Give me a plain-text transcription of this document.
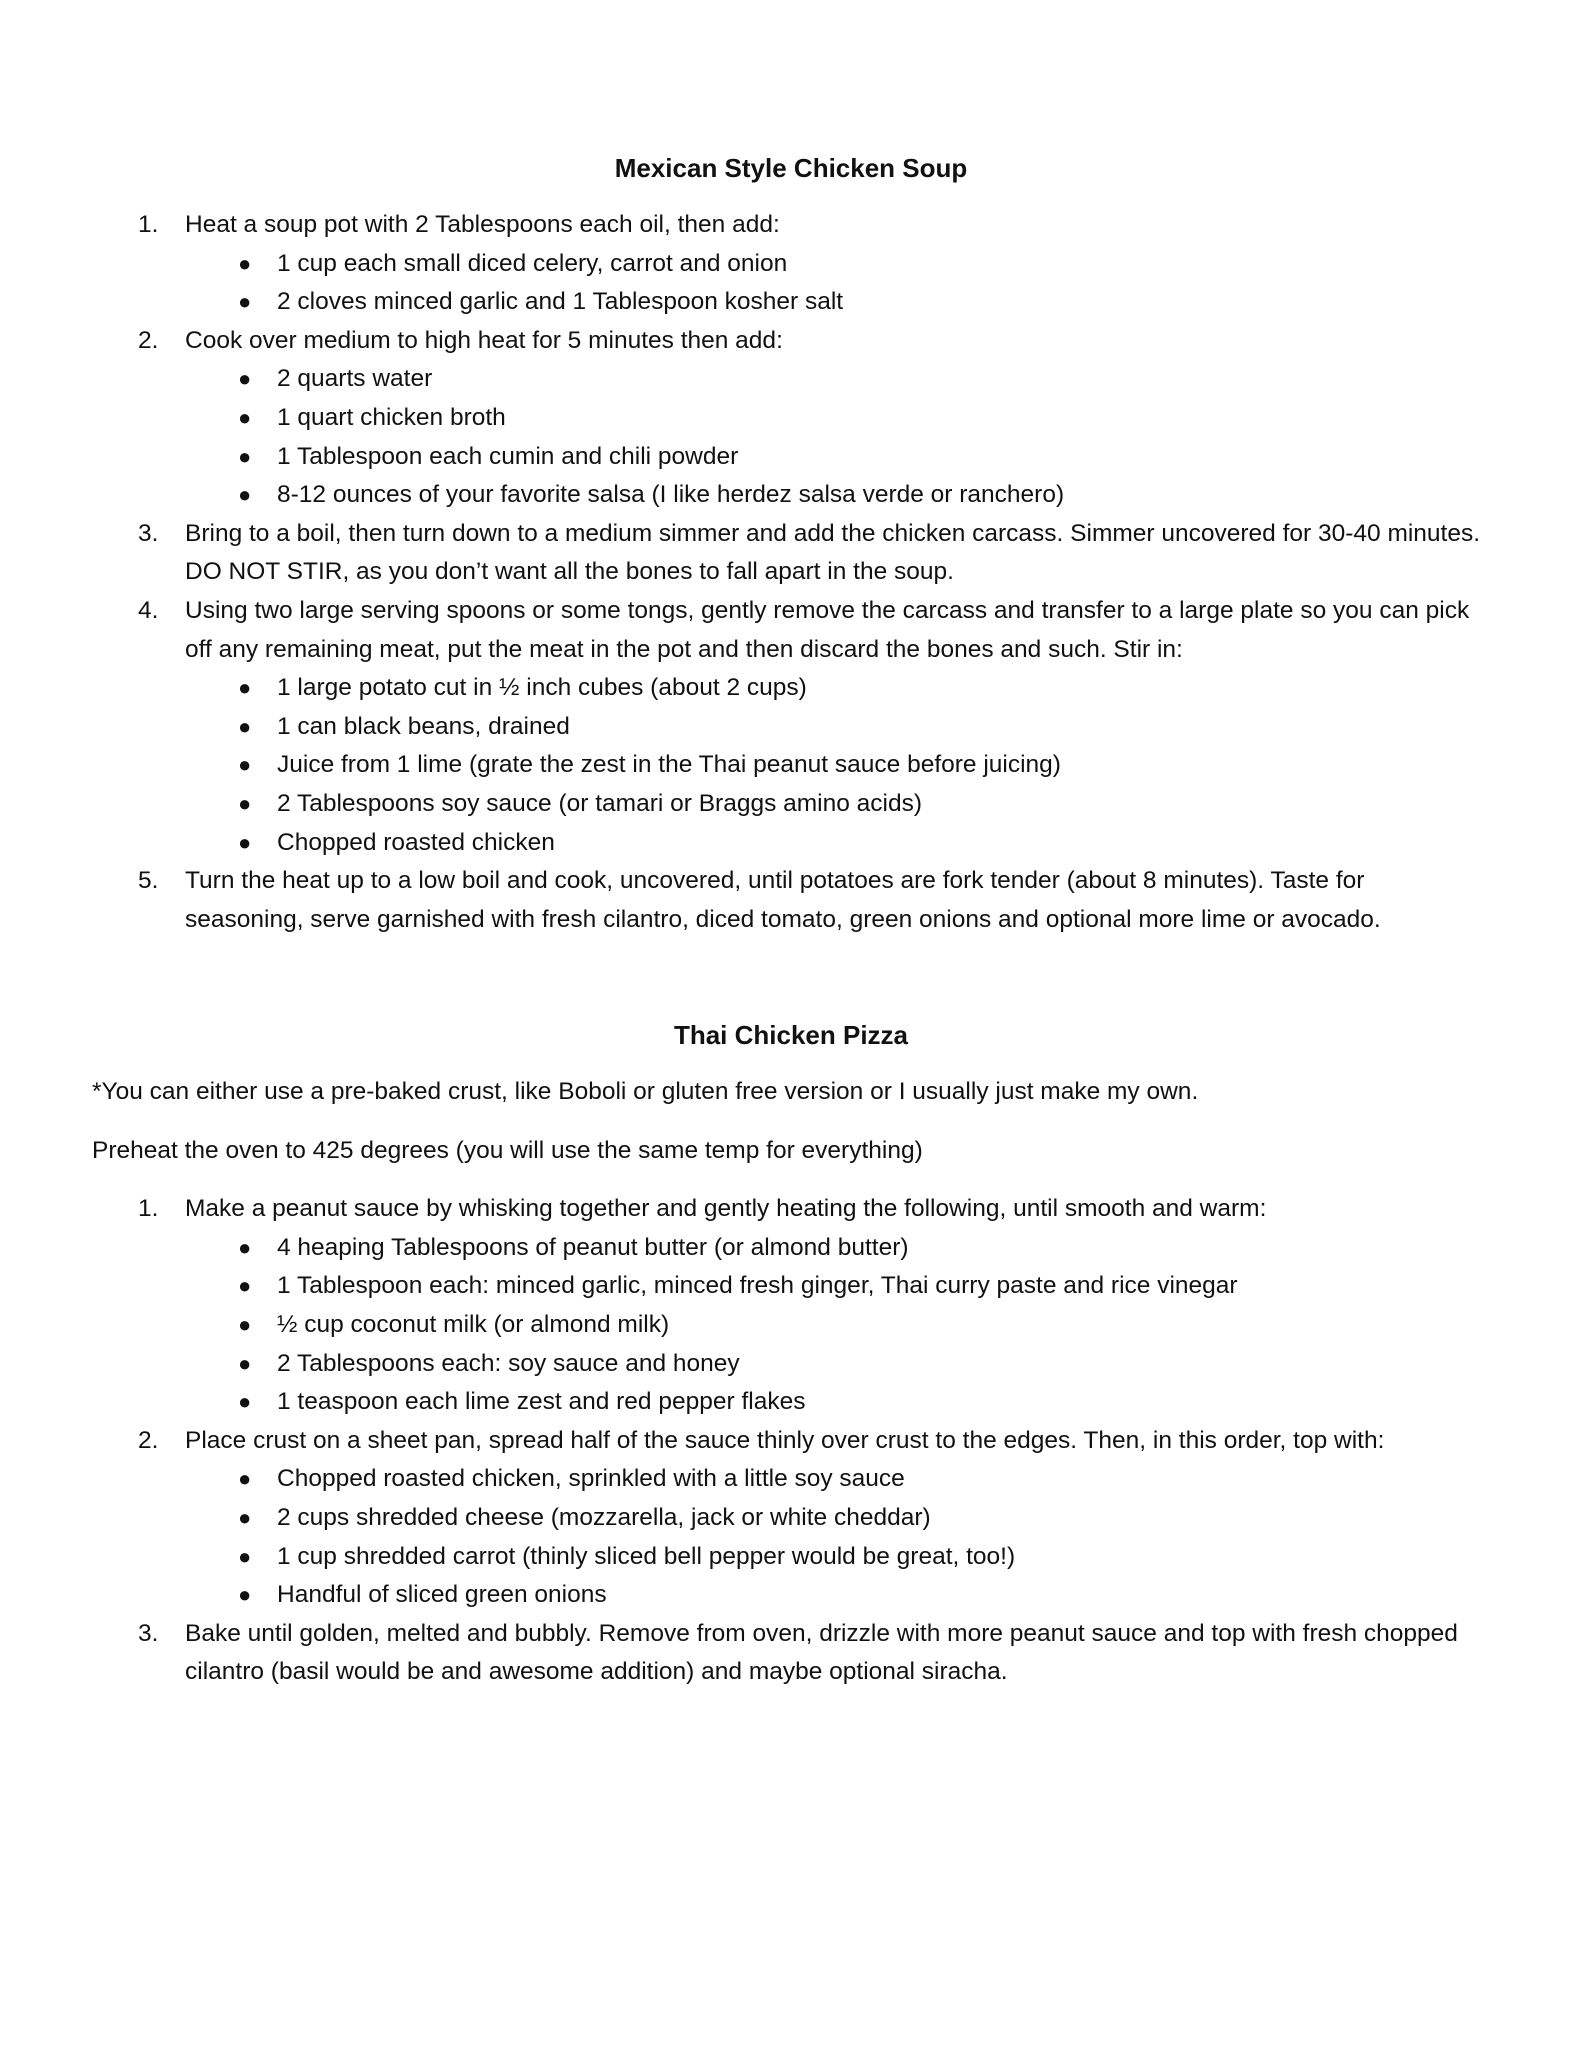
Mexican Style Chicken Soup
1. Heat a soup pot with 2 Tablespoons each oil, then add:
● 1 cup each small diced celery, carrot and onion
● 2 cloves minced garlic and 1 Tablespoon kosher salt
2. Cook over medium to high heat for 5 minutes then add:
● 2 quarts water
● 1 quart chicken broth
● 1 Tablespoon each cumin and chili powder
● 8-12 ounces of your favorite salsa (I like herdez salsa verde or ranchero)
3. Bring to a boil, then turn down to a medium simmer and add the chicken carcass. Simmer uncovered for 30-40 minutes. DO NOT STIR, as you don’t want all the bones to fall apart in the soup.
4. Using two large serving spoons or some tongs, gently remove the carcass and transfer to a large plate so you can pick off any remaining meat, put the meat in the pot and then discard the bones and such. Stir in:
● 1 large potato cut in ½ inch cubes (about 2 cups)
● 1 can black beans, drained
● Juice from 1 lime (grate the zest in the Thai peanut sauce before juicing)
● 2 Tablespoons soy sauce (or tamari or Braggs amino acids)
● Chopped roasted chicken
5. Turn the heat up to a low boil and cook, uncovered, until potatoes are fork tender (about 8 minutes). Taste for seasoning, serve garnished with fresh cilantro, diced tomato, green onions and optional more lime or avocado.
Thai Chicken Pizza

*You can either use a pre-baked crust, like Boboli or gluten free version or I usually just make my own.

Preheat the oven to 425 degrees (you will use the same temp for everything)

1. Make a peanut sauce by whisking together and gently heating the following, until smooth and warm:
● 4 heaping Tablespoons of peanut butter (or almond butter)
● 1 Tablespoon each: minced garlic, minced fresh ginger, Thai curry paste and rice vinegar
● ½ cup coconut milk (or almond milk)
● 2 Tablespoons each: soy sauce and honey
● 1 teaspoon each lime zest and red pepper flakes
2. Place crust on a sheet pan, spread half of the sauce thinly over crust to the edges. Then, in this order, top with:
● Chopped roasted chicken, sprinkled with a little soy sauce
● 2 cups shredded cheese (mozzarella, jack or white cheddar)
● 1 cup shredded carrot (thinly sliced bell pepper would be great, too!)
● Handful of sliced green onions
3. Bake until golden, melted and bubbly. Remove from oven, drizzle with more peanut sauce and top with fresh chopped cilantro (basil would be and awesome addition) and maybe optional siracha.
